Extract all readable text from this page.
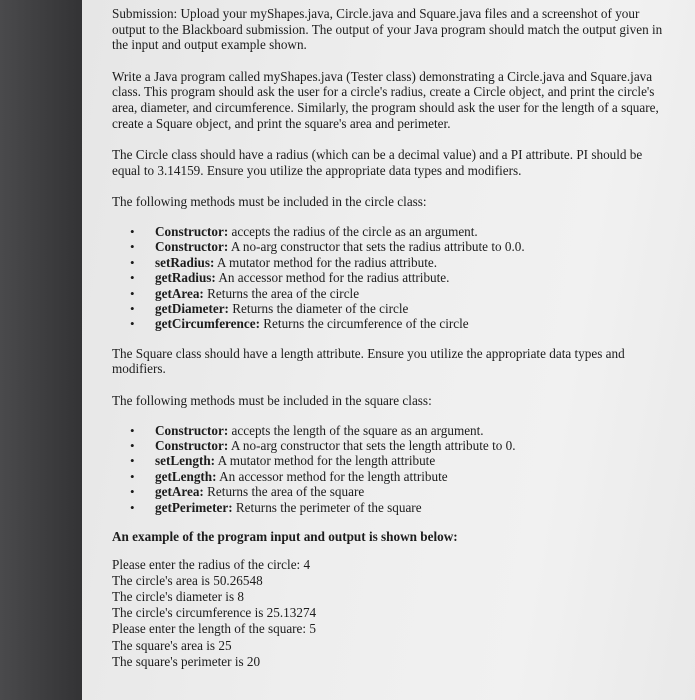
Submission: Upload your myShapes.java, Circle.java and Square.java files and a screenshot of your output to the Blackboard submission. The output of your Java program should match the output given in the input and output example shown.

Write a Java program called myShapes.java (Tester class) demonstrating a Circle.java and Square.java class. This program should ask the user for a circle's radius, create a Circle object, and print the circle's area, diameter, and circumference. Similarly, the program should ask the user for the length of a square, create a Square object, and print the square's area and perimeter.

The Circle class should have a radius (which can be a decimal value) and a PI attribute. PI should be equal to 3.14159. Ensure you utilize the appropriate data types and modifiers.

The following methods must be included in the circle class:

• Constructor: accepts the radius of the circle as an argument.
• Constructor: A no-arg constructor that sets the radius attribute to 0.0.
• setRadius: A mutator method for the radius attribute.
• getRadius: An accessor method for the radius attribute.
• getArea: Returns the area of the circle
• getDiameter: Returns the diameter of the circle
• getCircumference: Returns the circumference of the circle

The Square class should have a length attribute. Ensure you utilize the appropriate data types and modifiers.

The following methods must be included in the square class:

• Constructor: accepts the length of the square as an argument.
• Constructor: A no-arg constructor that sets the length attribute to 0.
• setLength: A mutator method for the length attribute
• getLength: An accessor method for the length attribute
• getArea: Returns the area of the square
• getPerimeter: Returns the perimeter of the square

An example of the program input and output is shown below:

Please enter the radius of the circle: 4
The circle's area is 50.26548
The circle's diameter is 8
The circle's circumference is 25.13274
Please enter the length of the square: 5
The square's area is 25
The square's perimeter is 20
